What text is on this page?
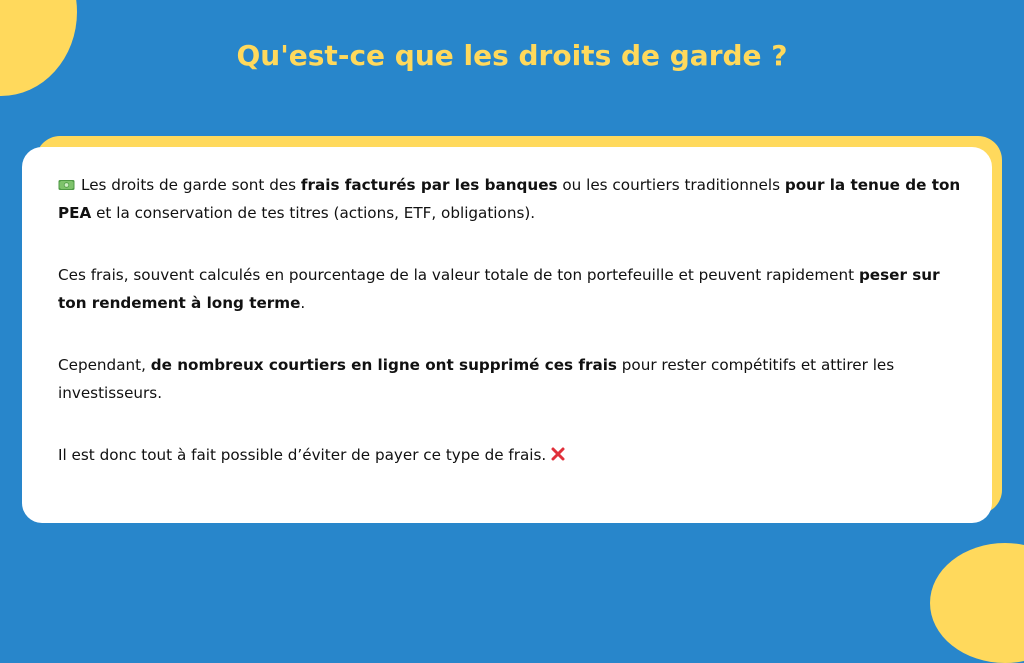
Qu'est-ce que les droits de garde ?

Les droits de garde sont des frais facturés par les banques ou les courtiers traditionnels pour la tenue de ton PEA et la conservation de tes titres (actions, ETF, obligations).

Ces frais, souvent calculés en pourcentage de la valeur totale de ton portefeuille et peuvent rapidement peser sur ton rendement à long terme.

Cependant, de nombreux courtiers en ligne ont supprimé ces frais pour rester compétitifs et attirer les investisseurs.

Il est donc tout à fait possible d’éviter de payer ce type de frais.
